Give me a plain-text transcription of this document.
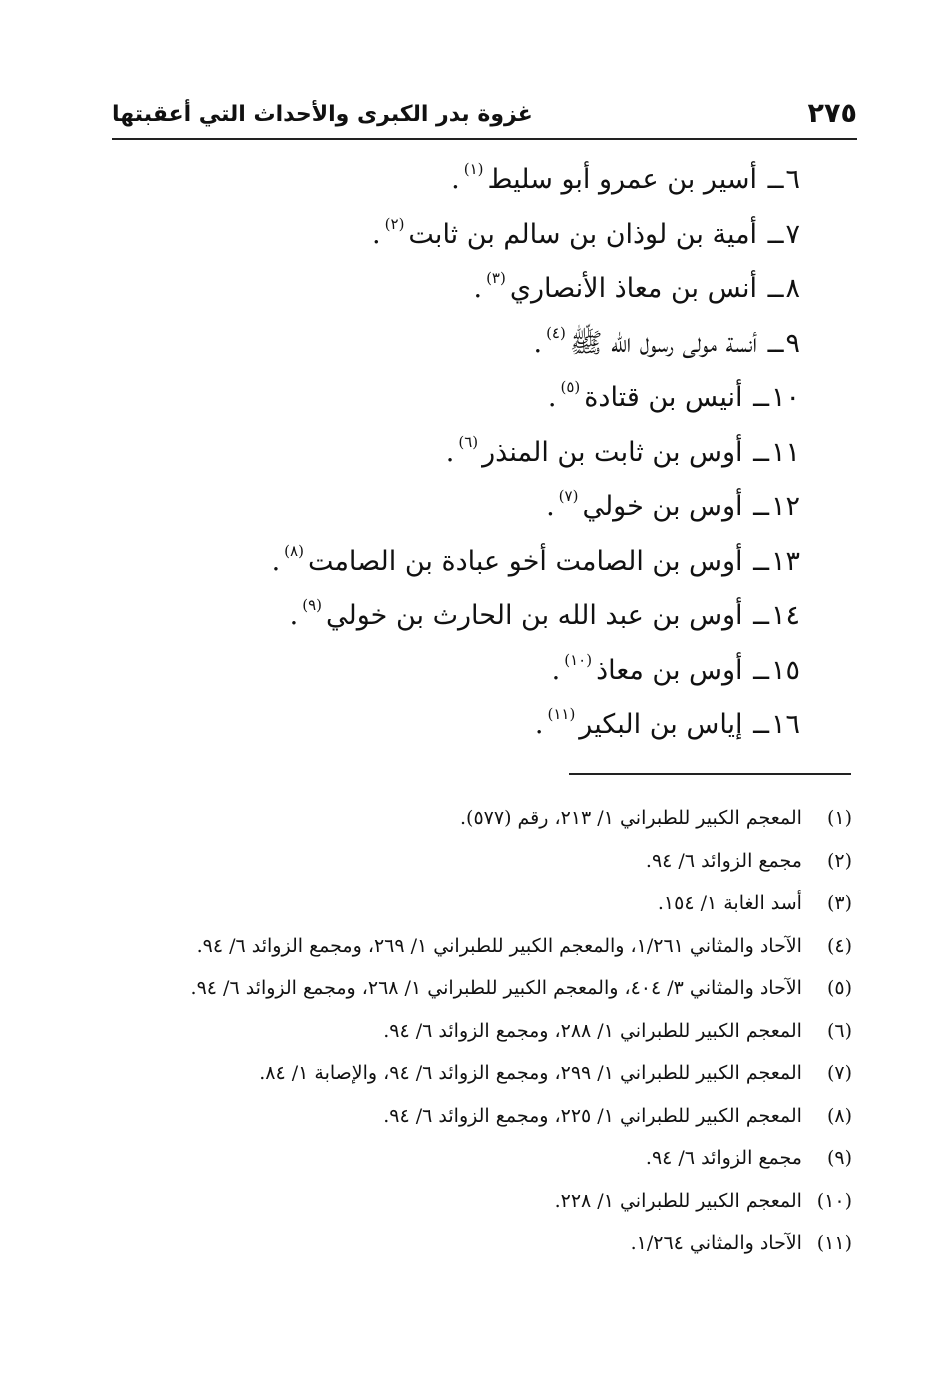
٢٧٥
غزوة بدر الكبرى والأحداث التي أعقبتها
٦ــ أسير بن عمرو أبو سليط$^{(١)}$.
٧ــ أمية بن لوذان بن سالم بن ثابت$^{(٢)}$.
٨ــ أنس بن معاذ الأنصاري$^{(٣)}$.
٩ــ أنسة مولى رسول الله ﷺ$^{(٤)}$.
١٠ــ أنيس بن قتادة$^{(٥)}$.
١١ــ أوس بن ثابت بن المنذر$^{(٦)}$.
١٢ــ أوس بن خولي$^{(٧)}$.
١٣ــ أوس بن الصامت أخو عبادة بن الصامت$^{(٨)}$.
١٤ــ أوس بن عبد الله بن الحارث بن خولي$^{(٩)}$.
١٥ــ أوس بن معاذ$^{(١٠)}$.
١٦ــ إياس بن البكير$^{(١١)}$.
(١) المعجم الكبير للطبراني ١/ ٢١٣، رقم (٥٧٧).
(٢) مجمع الزوائد ٦/ ٩٤.
(٣) أسد الغابة ١/ ١٥٤.
(٤) الآحاد والمثاني ١/٢٦١، والمعجم الكبير للطبراني ١/ ٢٦٩، ومجمع الزوائد ٦/ ٩٤.
(٥) الآحاد والمثاني ٣/ ٤٠٤، والمعجم الكبير للطبراني ١/ ٢٦٨، ومجمع الزوائد ٦/ ٩٤.
(٦) المعجم الكبير للطبراني ١/ ٢٨٨، ومجمع الزوائد ٦/ ٩٤.
(٧) المعجم الكبير للطبراني ١/ ٢٩٩، ومجمع الزوائد ٦/ ٩٤، والإصابة ١/ ٨٤.
(٨) المعجم الكبير للطبراني ١/ ٢٢٥، ومجمع الزوائد ٦/ ٩٤.
(٩) مجمع الزوائد ٦/ ٩٤.
(١٠) المعجم الكبير للطبراني ١/ ٢٢٨.
(١١) الآحاد والمثاني ١/٢٦٤.
